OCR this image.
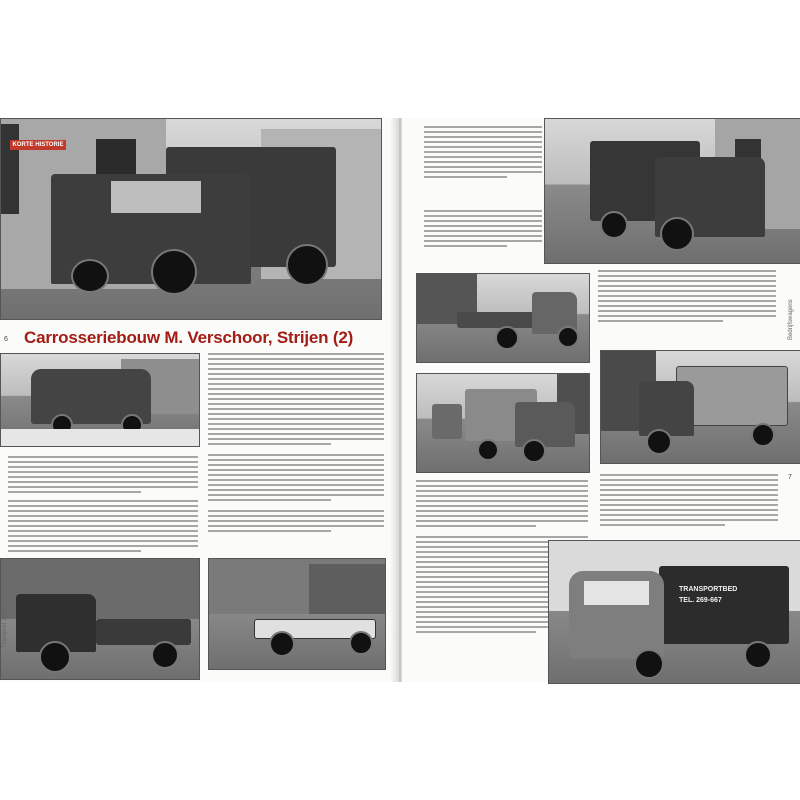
KORTE HISTORIE
Carrosseriebouw M. Verschoor, Strijen (2)
Transport 2018
6
TRANSPORTBED
TEL. 269-667
Bedrijfswagens
7
